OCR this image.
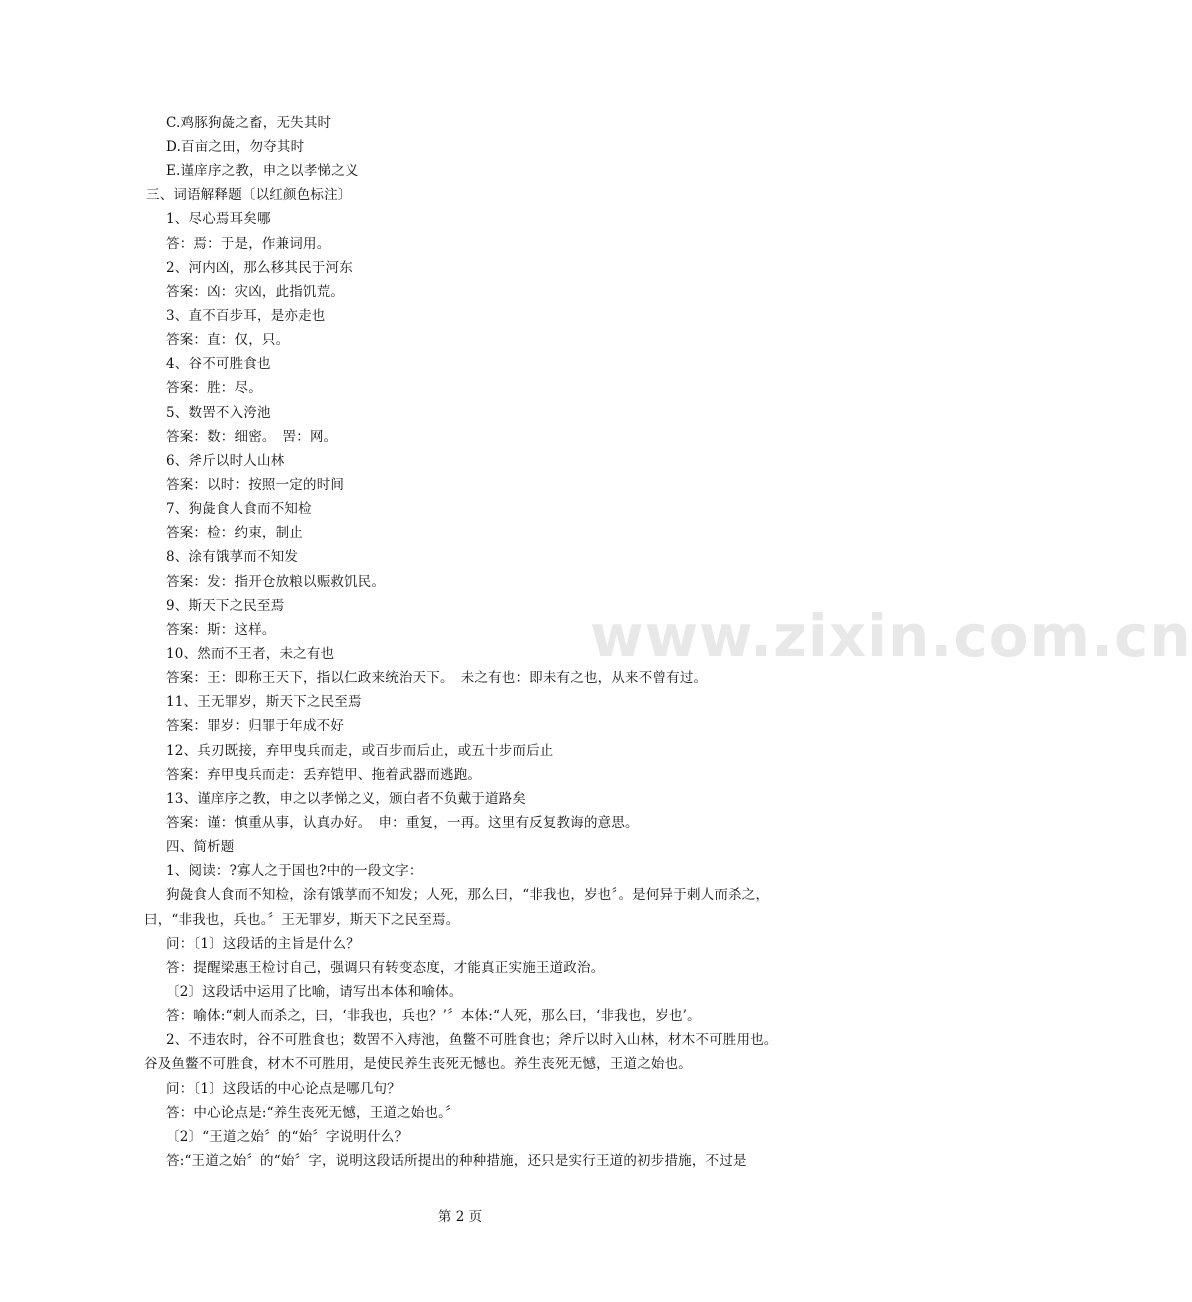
www.zixin.com.cn
C.鸡豚狗彘之畜，无失其时
D.百亩之田，勿夺其时
E.谨庠序之教，申之以孝悌之义
三、词语解释题〔以红颜色标注〕
1、尽心焉耳矣哪
答：焉：于是，作兼词用。
2、河内凶，那么移其民于河东
答案：凶：灾凶，此指饥荒。
3、直不百步耳，是亦走也
答案：直：仅，只。
4、谷不可胜食也
答案：胜：尽。
5、数罟不入洿池
答案：数：细密。　罟：网。
6、斧斤以时人山林
答案：以时：按照一定的时间
7、狗彘食人食而不知检
答案：检：约束，制止
8、涂有饿莩而不知发
答案：发：指开仓放粮以赈救饥民。
9、斯天下之民至焉
答案：斯：这样。
10、然而不王者，未之有也
答案：王：即称王天下，指以仁政来统治天下。　未之有也：即未有之也，从来不曾有过。
11、王无罪岁，斯天下之民至焉
答案：罪岁：归罪于年成不好
12、兵刃既接，弃甲曳兵而走，或百步而后止，或五十步而后止
答案：弃甲曳兵而走：丢弃铠甲、拖着武器而逃跑。
13、谨庠序之教，申之以孝悌之义，颁白者不负戴于道路矣
答案：谨：慎重从事，认真办好。　申：重复，一再。这里有反复教诲的意思。
四、简析题
1、阅读：?寡人之于国也?中的一段文字：
狗彘食人食而不知检，涂有饿莩而不知发；人死，那么曰，“非我也，岁也〞。是何异于刺人而杀之，
曰，“非我也，兵也。〞王无罪岁，斯天下之民至焉。
问：〔1〕这段话的主旨是什么？
答：提醒梁惠王检讨自己，强调只有转变态度，才能真正实施王道政治。
〔2〕这段话中运用了比喻，请写出本体和喻体。
答：喻体:“刺人而杀之，曰，‘非我也，兵也？’〞本体:“人死，那么曰，‘非我也，岁也’。
2、不违农时，谷不可胜食也；数罟不入痔池，鱼鳖不可胜食也；斧斤以时入山林，材木不可胜用也。
谷及鱼鳖不可胜食，材木不可胜用，是使民养生丧死无憾也。养生丧死无憾，王道之始也。
问：〔1〕这段话的中心论点是哪几句？
答：中心论点是:“养生丧死无憾，王道之始也。〞
〔2〕“王道之始〞的“始〞字说明什么？
答:“王道之始〞的“始〞字，说明这段话所提出的种种措施，还只是实行王道的初步措施，不过是
第 2 页
